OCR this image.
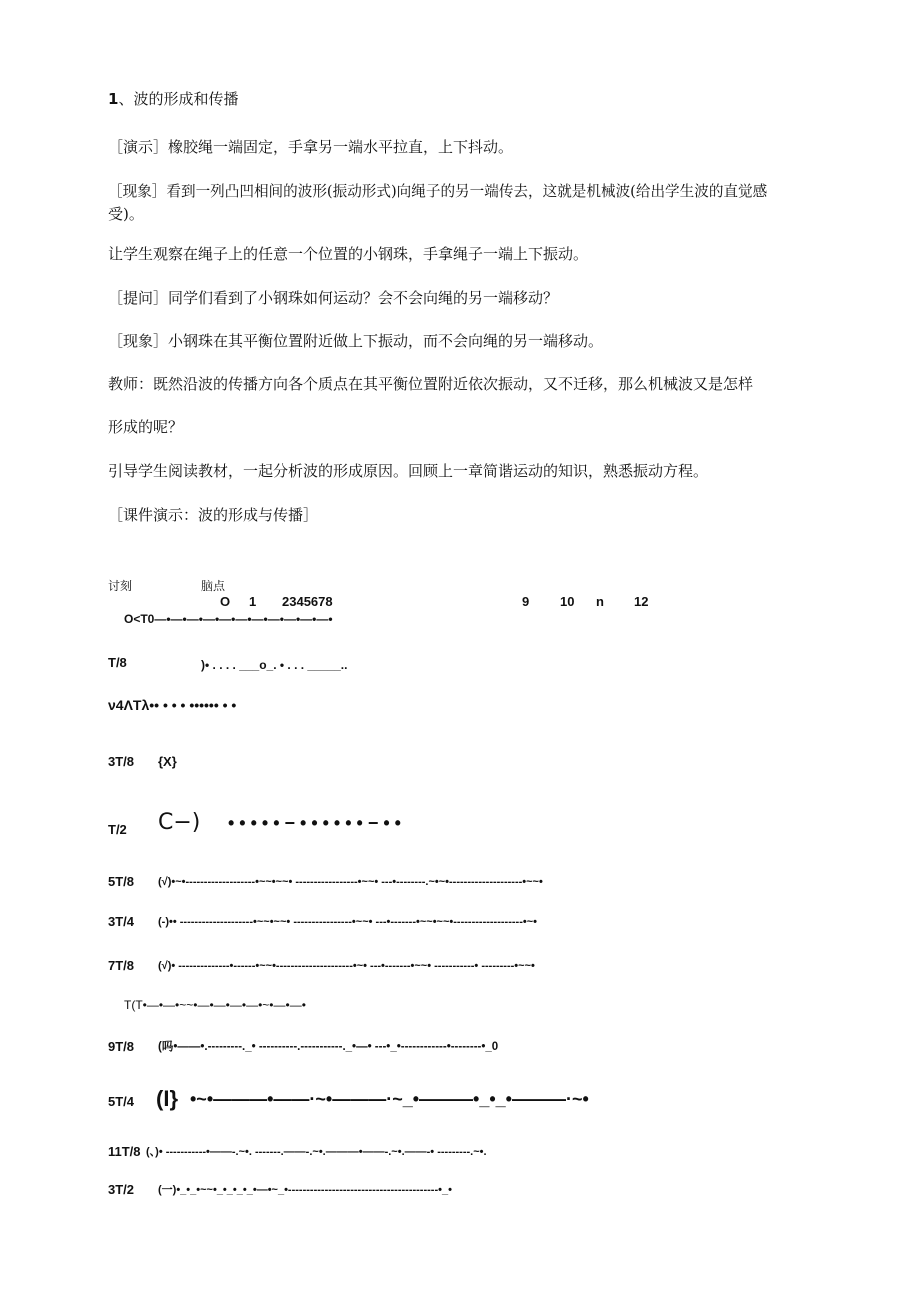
1、波的形成和传播
［演示］橡胶绳一端固定，手拿另一端水平拉直，上下抖动。
［现象］看到一列凸凹相间的波形(振动形式)向绳子的另一端传去，这就是机械波(给出学生波的直觉感
受)。
让学生观察在绳子上的任意一个位置的小钢珠，手拿绳子一端上下振动。
［提问］同学们看到了小钢珠如何运动？会不会向绳的另一端移动？
［现象］小钢珠在其平衡位置附近做上下振动，而不会向绳的另一端移动。
教师：既然沿波的传播方向各个质点在其平衡位置附近依次振动，又不迁移，那么机械波又是怎样
形成的呢？
引导学生阅读教材，一起分析波的形成原因。回顾上一章简谐运动的知识，熟悉振动方程。
［课件演示：波的形成与传播］
讨刻	脑点
O 1 2345678	9 10 n 12
O<T0—•—•—•—•—•—•—•—•—•—•—•
T/8	)• . . . . ___o_. • . . . _____..
ν4ΛTλ•• • • • •••••• • •
3T/8 {X}
T/2 C−) • • • • • − • • • • • • − • •
5T/8 (√)•~•-------------------•~~•~~• -----------------•~~• ---•--------.~•~•--------------------•~~•
3T/4 (-)•• --------------------•~~•~~• ----------------•~~• ---•-------•~~•~~•-------------------•~•
7T/8 (√)• --------------•------•~~•---------------------•~• ---•-------•~~• -----------• ---------•~~•
T(T•—•—•~~•—•—•—•—•~•—•—•
9T/8 (吗•——•.---------._• ----------.-----------._•—• ---•_•------------•--------•_0
5T/4 (I} •~•———•——·~•———·~_•———•_•_•———·~•
11T/8 (、)• -----------•——-.~•. -------.——-.~•.———•——-.~•.——-• ---------.~•.
3T/2 (一)•_•_•~~•_•_•_•_•—•~_•-----------------------------------------•_•
